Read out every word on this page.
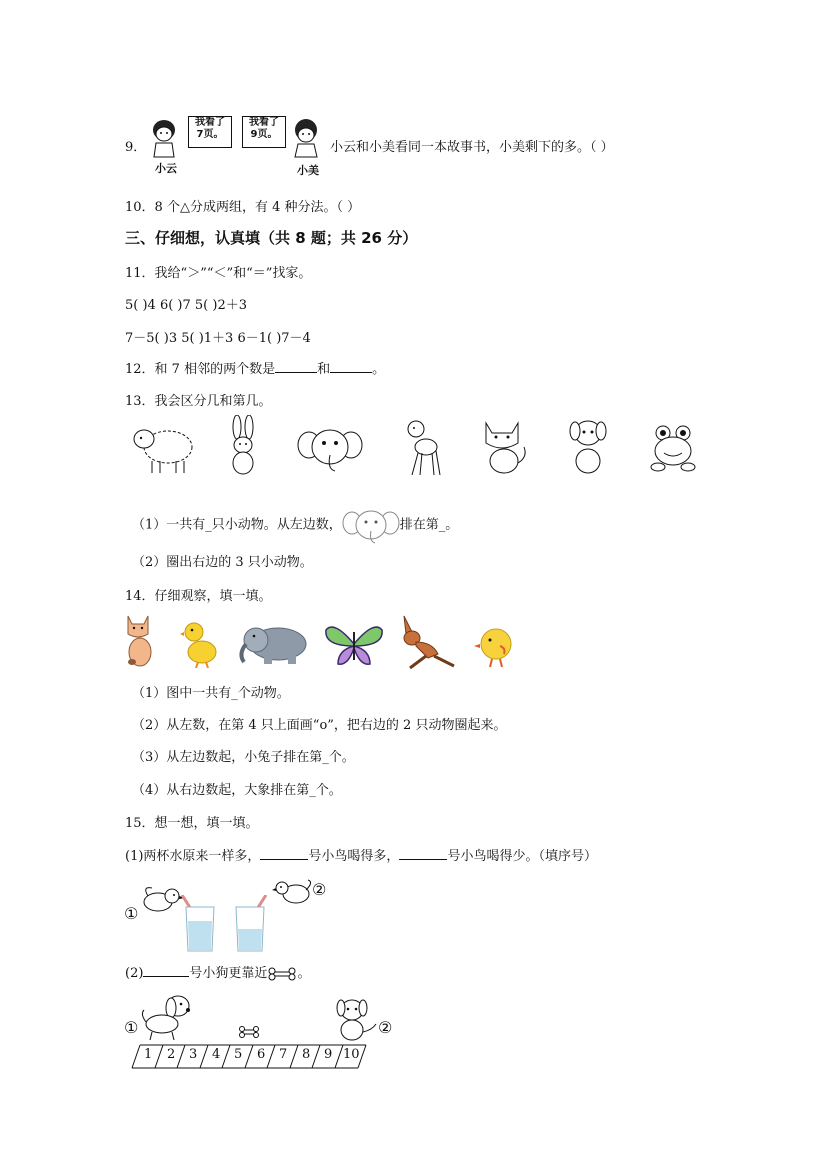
9．
我看了
7页。
我看了
9页。
小云	小美
小云和小美看同一本故事书，小美剩下的多。（ ）
10．8 个△分成两组，有 4 种分法。（ ）
三、仔细想，认真填（共 8 题；共 26 分）
11．我给“＞”“＜”和“＝”找家。
5( )4 6( )7 5( )2＋3
7－5( )3 5( )1＋3 6－1( )7－4
12．和 7 相邻的两个数是	和	。
13．我会区分几和第几。
（1）一共有_只小动物。从左边数，	排在第_。
（2）圈出右边的 3 只小动物。
14．仔细观察，填一填。
（1）图中一共有_个动物。
（2）从左数，在第 4 只上面画“o”，把右边的 2 只动物圈起来。
（3）从左边数起，小兔子排在第_个。
（4）从右边数起，大象排在第_个。
15．想一想，填一填。
(1)两杯水原来一样多，	号小鸟喝得多，	号小鸟喝得少。（填序号）
①
②
(2)	号小狗更靠近 。
①	②
1 2 3 4 5 6 7 8 9 10
